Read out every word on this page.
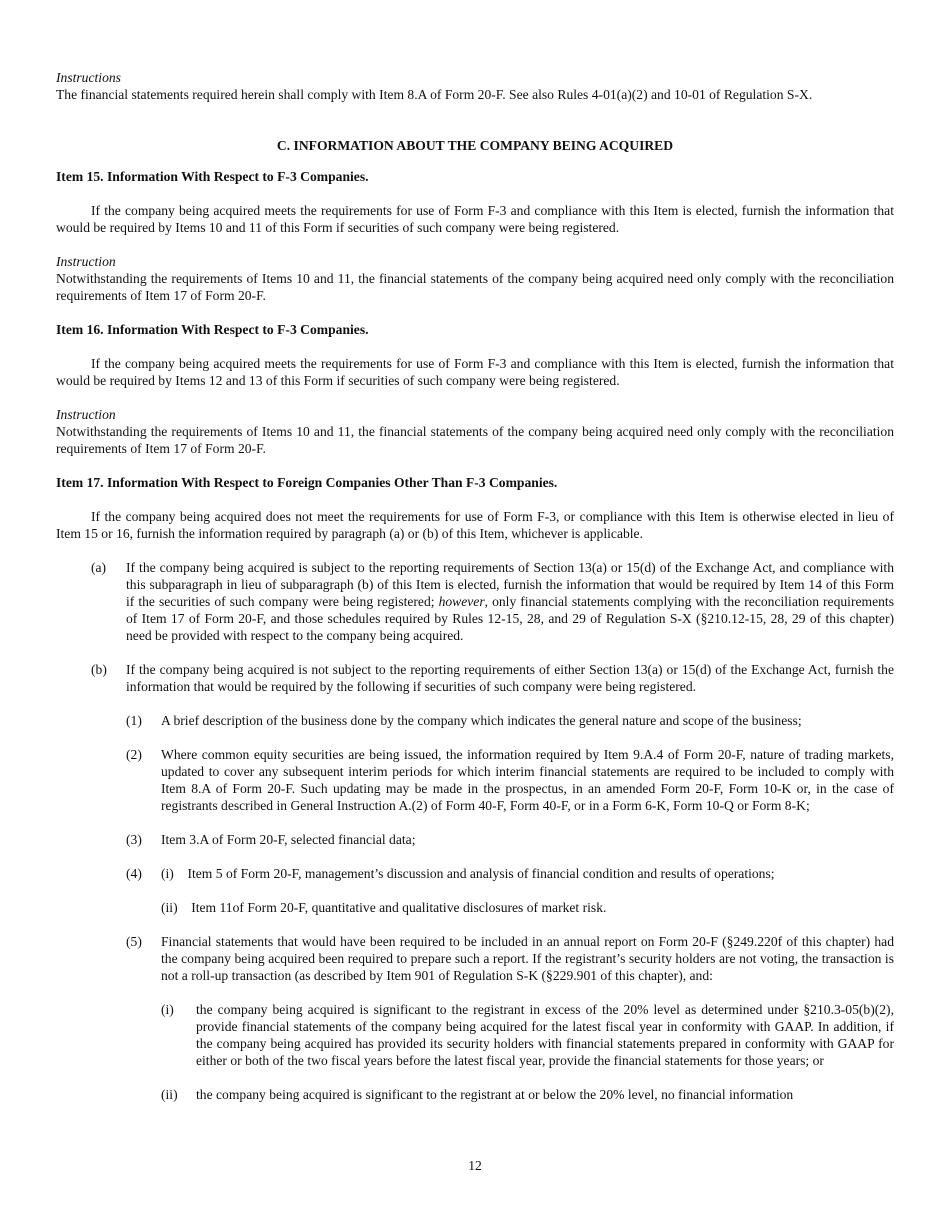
Instructions

The financial statements required herein shall comply with Item 8.A of Form 20-F. See also Rules 4-01(a)(2) and 10-01 of Regulation S-X.

C. INFORMATION ABOUT THE COMPANY BEING ACQUIRED

Item 15. Information With Respect to F-3 Companies.

If the company being acquired meets the requirements for use of Form F-3 and compliance with this Item is elected, furnish the information that would be required by Items 10 and 11 of this Form if securities of such company were being registered.

Instruction

Notwithstanding the requirements of Items 10 and 11, the financial statements of the company being acquired need only comply with the reconciliation requirements of Item 17 of Form 20-F.

Item 16. Information With Respect to F-3 Companies.

If the company being acquired meets the requirements for use of Form F-3 and compliance with this Item is elected, furnish the information that would be required by Items 12 and 13 of this Form if securities of such company were being registered.

Instruction

Notwithstanding the requirements of Items 10 and 11, the financial statements of the company being acquired need only comply with the reconciliation requirements of Item 17 of Form 20-F.

Item 17. Information With Respect to Foreign Companies Other Than F-3 Companies.

If the company being acquired does not meet the requirements for use of Form F-3, or compliance with this Item is otherwise elected in lieu of Item 15 or 16, furnish the information required by paragraph (a) or (b) of this Item, whichever is applicable.

(a) If the company being acquired is subject to the reporting requirements of Section 13(a) or 15(d) of the Exchange Act, and compliance with this subparagraph in lieu of subparagraph (b) of this Item is elected, furnish the information that would be required by Item 14 of this Form if the securities of such company were being registered; however, only financial statements complying with the reconciliation requirements of Item 17 of Form 20-F, and those schedules required by Rules 12-15, 28, and 29 of Regulation S-X (§210.12-15, 28, 29 of this chapter) need be provided with respect to the company being acquired.

(b) If the company being acquired is not subject to the reporting requirements of either Section 13(a) or 15(d) of the Exchange Act, furnish the information that would be required by the following if securities of such company were being registered.

(1) A brief description of the business done by the company which indicates the general nature and scope of the business;

(2) Where common equity securities are being issued, the information required by Item 9.A.4 of Form 20-F, nature of trading markets, updated to cover any subsequent interim periods for which interim financial statements are required to be included to comply with Item 8.A of Form 20-F. Such updating may be made in the prospectus, in an amended Form 20-F, Form 10-K or, in the case of registrants described in General Instruction A.(2) of Form 40-F, Form 40-F, or in a Form 6-K, Form 10-Q or Form 8-K;

(3) Item 3.A of Form 20-F, selected financial data;

(4) (i) Item 5 of Form 20-F, management’s discussion and analysis of financial condition and results of operations;

(ii) Item 11of Form 20-F, quantitative and qualitative disclosures of market risk.

(5) Financial statements that would have been required to be included in an annual report on Form 20-F (§249.220f of this chapter) had the company being acquired been required to prepare such a report. If the registrant’s security holders are not voting, the transaction is not a roll-up transaction (as described by Item 901 of Regulation S-K (§229.901 of this chapter), and:

(i) the company being acquired is significant to the registrant in excess of the 20% level as determined under §210.3-05(b)(2), provide financial statements of the company being acquired for the latest fiscal year in conformity with GAAP. In addition, if the company being acquired has provided its security holders with financial statements prepared in conformity with GAAP for either or both of the two fiscal years before the latest fiscal year, provide the financial statements for those years; or

(ii) the company being acquired is significant to the registrant at or below the 20% level, no financial information

12
